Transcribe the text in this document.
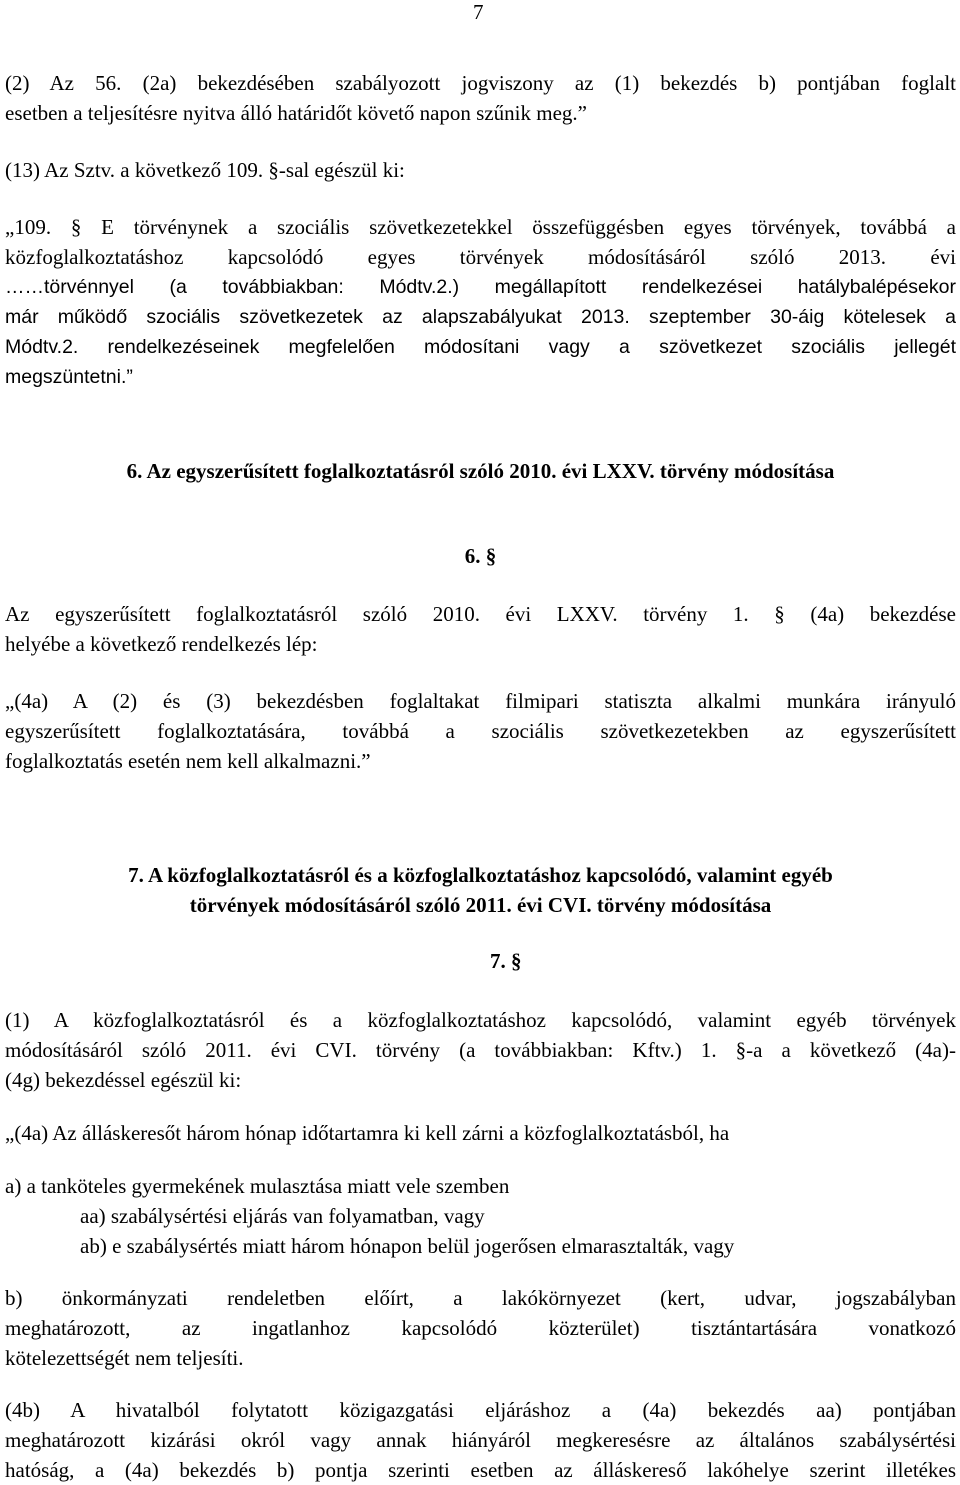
7
(2) Az 56. (2a) bekezdésében szabályozott jogviszony az (1) bekezdés b) pontjában foglalt
esetben a teljesítésre nyitva álló határidőt követő napon szűnik meg.”
(13) Az Sztv. a következő 109. §-sal egészül ki:
„109. § E törvénynek a szociális szövetkezetekkel összefüggésben egyes törvények, továbbá a
közfoglalkoztatáshoz kapcsolódó egyes törvények módosításáról szóló 2013. évi
……törvénnyel (a továbbiakban: Módtv.2.) megállapított rendelkezései hatálybalépésekor
már működő szociális szövetkezetek az alapszabályukat 2013. szeptember 30-áig kötelesek a
Módtv.2. rendelkezéseinek megfelelően módosítani vagy a szövetkezet szociális jellegét
megszüntetni.”
6. Az egyszerűsített foglalkoztatásról szóló 2010. évi LXXV. törvény módosítása
6. §
Az egyszerűsített foglalkoztatásról szóló 2010. évi LXXV. törvény 1. § (4a) bekezdése
helyébe a következő rendelkezés lép:
„(4a) A (2) és (3) bekezdésben foglaltakat filmipari statiszta alkalmi munkára irányuló
egyszerűsített foglalkoztatására, továbbá a szociális szövetkezetekben az egyszerűsített
foglalkoztatás esetén nem kell alkalmazni.”
7. A közfoglalkoztatásról és a közfoglalkoztatáshoz kapcsolódó, valamint egyéb
törvények módosításáról szóló 2011. évi CVI. törvény módosítása
7. §
(1) A közfoglalkoztatásról és a közfoglalkoztatáshoz kapcsolódó, valamint egyéb törvények
módosításáról szóló 2011. évi CVI. törvény (a továbbiakban: Kftv.) 1. §-a a következő (4a)-
(4g) bekezdéssel egészül ki:
„(4a) Az álláskeresőt három hónap időtartamra ki kell zárni a közfoglalkoztatásból, ha
a) a tanköteles gyermekének mulasztása miatt vele szemben
aa) szabálysértési eljárás van folyamatban, vagy
ab) e szabálysértés miatt három hónapon belül jogerősen elmarasztalták, vagy
b) önkormányzati rendeletben előírt, a lakókörnyezet (kert, udvar, jogszabályban
meghatározott, az ingatlanhoz kapcsolódó közterület) tisztántartására vonatkozó
kötelezettségét nem teljesíti.
(4b) A hivatalból folytatott közigazgatási eljáráshoz a (4a) bekezdés aa) pontjában
meghatározott kizárási okról vagy annak hiányáról megkeresésre az általános szabálysértési
hatóság, a (4a) bekezdés b) pontja szerinti esetben az álláskereső lakóhelye szerint illetékes
